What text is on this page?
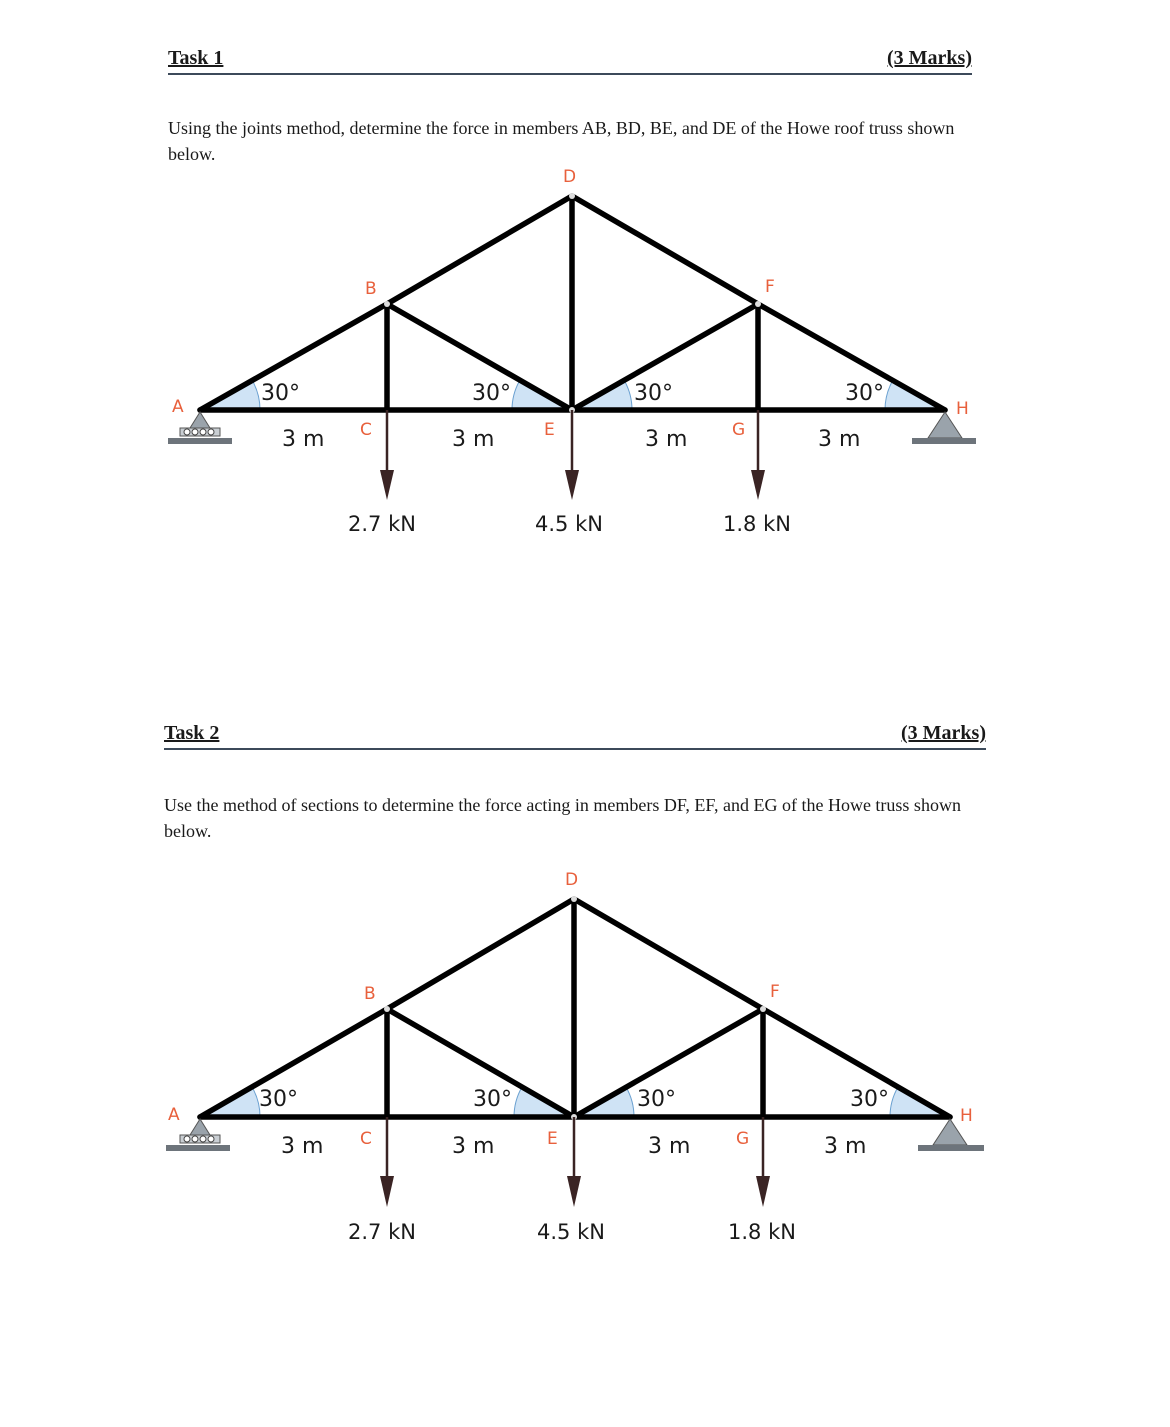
Task 1	(3 Marks)
Using the joints method, determine the force in members AB, BD, BE, and DE of the Howe roof truss shown below.
A
B
C
D
E
F
G
H
30°	30°	30°	30°
3 m	3 m	3 m	3 m
2.7 kN	4.5 kN	1.8 kN
Task 2	(3 Marks)
Use the method of sections to determine the force acting in members DF, EF, and EG of the Howe truss shown below.
A
B
C
D
E
F
G
H
30°	30°	30°	30°
3 m	3 m	3 m	3 m
2.7 kN	4.5 kN	1.8 kN
